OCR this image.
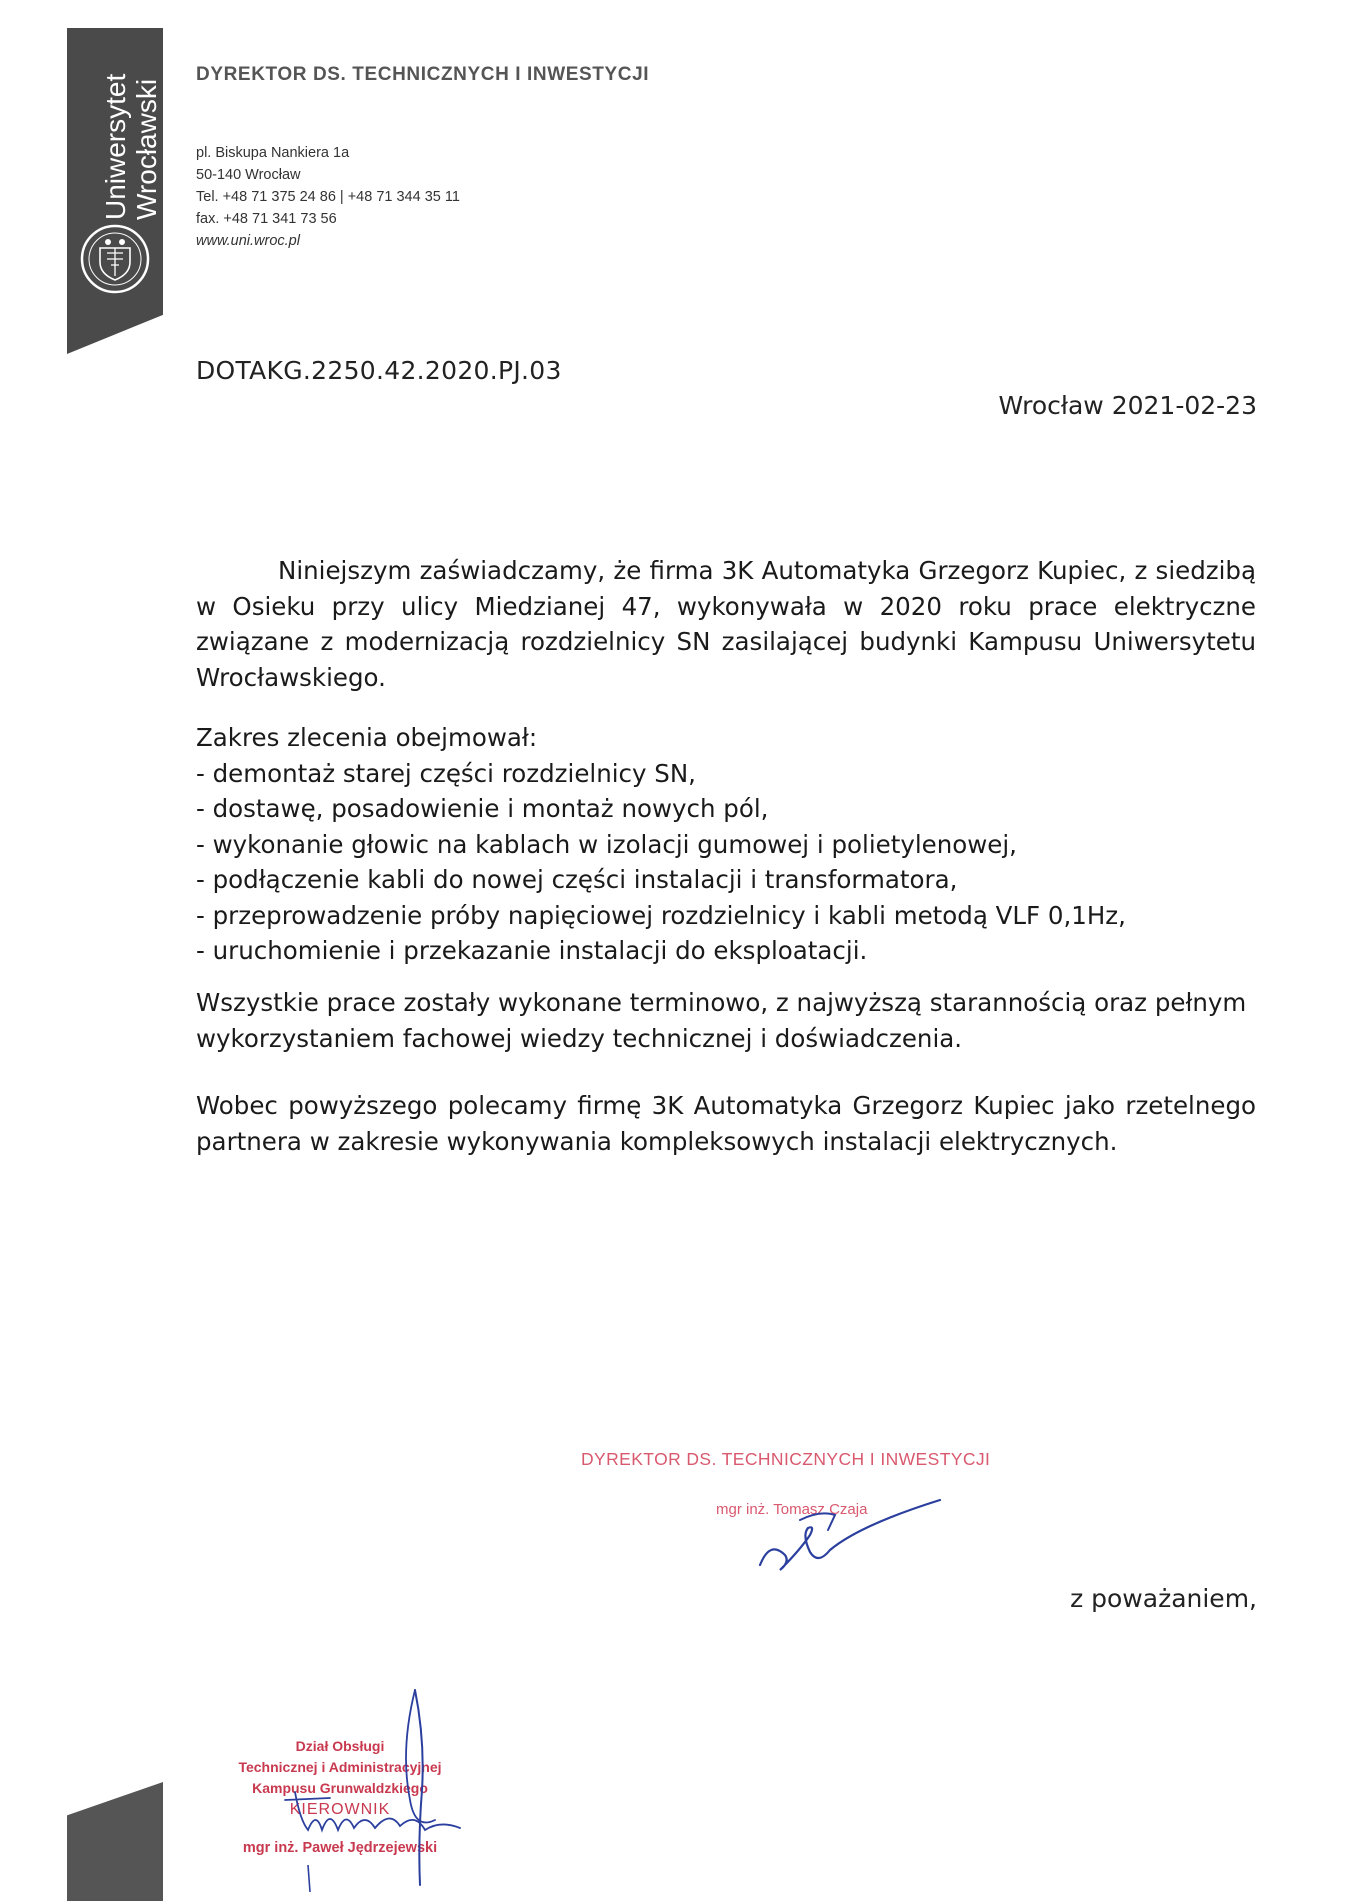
Uniwersytet Wrocławski
DYREKTOR DS. TECHNICZNYCH I INWESTYCJI
pl. Biskupa Nankiera 1a
50-140 Wrocław
Tel. +48 71 375 24 86 | +48 71 344 35 11
fax. +48 71 341 73 56
www.uni.wroc.pl
DOTAKG.2250.42.2020.PJ.03
Wrocław 2021-02-23
Niniejszym zaświadczamy, że firma 3K Automatyka Grzegorz Kupiec, z siedzibą w Osieku przy ulicy Miedzianej 47, wykonywała w 2020 roku prace elektryczne związane z modernizacją rozdzielnicy SN zasilającej budynki Kampusu Uniwersytetu Wrocławskiego.
Zakres zlecenia obejmował:
- demontaż starej części rozdzielnicy SN,
- dostawę, posadowienie i montaż nowych pól,
- wykonanie głowic na kablach w izolacji gumowej i polietylenowej,
- podłączenie kabli do nowej części instalacji i transformatora,
- przeprowadzenie próby napięciowej rozdzielnicy i kabli metodą VLF 0,1Hz,
- uruchomienie i przekazanie instalacji do eksploatacji.
Wszystkie prace zostały wykonane terminowo, z najwyższą starannością oraz pełnym wykorzystaniem fachowej wiedzy technicznej i doświadczenia.
Wobec powyższego polecamy firmę 3K Automatyka Grzegorz Kupiec jako rzetelnego partnera w zakresie wykonywania kompleksowych instalacji elektrycznych.
DYREKTOR DS. TECHNICZNYCH I INWESTYCJI
mgr inż. Tomasz Czaja
z poważaniem,
Dział Obsługi
Technicznej i Administracyjnej
Kampusu Grunwaldzkiego
KIEROWNIK
mgr inż. Paweł Jędrzejewski
